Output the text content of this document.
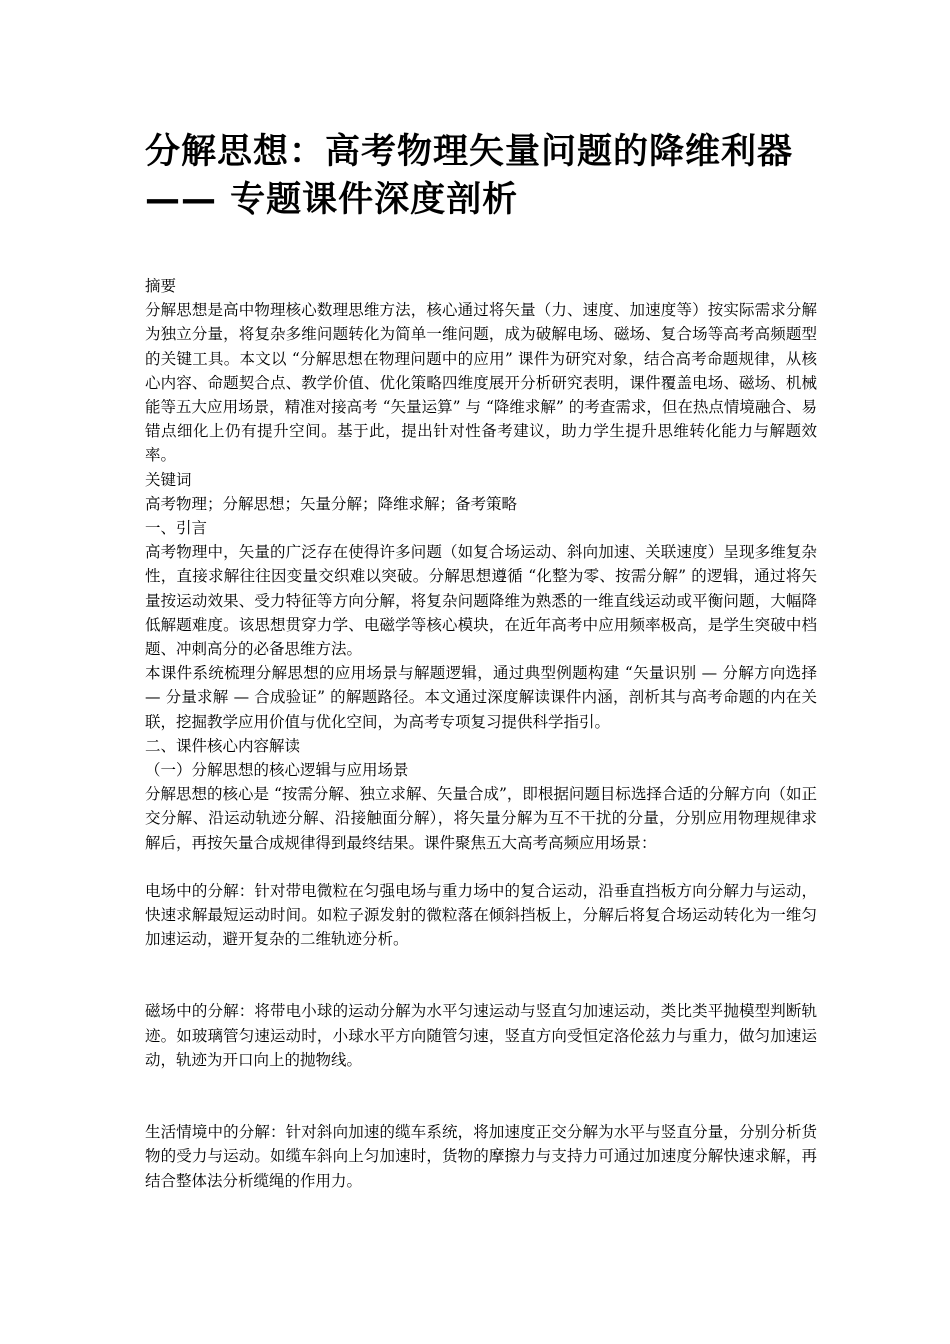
分解思想：高考物理矢量问题的降维利器 —— 专题课件深度剖析

摘要

分解思想是高中物理核心数理思维方法，核心通过将矢量（力、速度、加速度等）按实际需求分解为独立分量，将复杂多维问题转化为简单一维问题，成为破解电场、磁场、复合场等高考高频题型的关键工具。本文以 “分解思想在物理问题中的应用” 课件为研究对象，结合高考命题规律，从核心内容、命题契合点、教学价值、优化策略四维度展开分析研究表明，课件覆盖电场、磁场、机械能等五大应用场景，精准对接高考 “矢量运算” 与 “降维求解” 的考查需求，但在热点情境融合、易错点细化上仍有提升空间。基于此，提出针对性备考建议，助力学生提升思维转化能力与解题效率。

关键词

高考物理；分解思想；矢量分解；降维求解；备考策略

一、引言

高考物理中，矢量的广泛存在使得许多问题（如复合场运动、斜向加速、关联速度）呈现多维复杂性，直接求解往往因变量交织难以突破。分解思想遵循 “化整为零、按需分解” 的逻辑，通过将矢量按运动效果、受力特征等方向分解，将复杂问题降维为熟悉的一维直线运动或平衡问题，大幅降低解题难度。该思想贯穿力学、电磁学等核心模块，在近年高考中应用频率极高，是学生突破中档题、冲刺高分的必备思维方法。

本课件系统梳理分解思想的应用场景与解题逻辑，通过典型例题构建 “矢量识别 — 分解方向选择 — 分量求解 — 合成验证” 的解题路径。本文通过深度解读课件内涵，剖析其与高考命题的内在关联，挖掘教学应用价值与优化空间，为高考专项复习提供科学指引。

二、课件核心内容解读

（一）分解思想的核心逻辑与应用场景

分解思想的核心是 “按需分解、独立求解、矢量合成”，即根据问题目标选择合适的分解方向（如正交分解、沿运动轨迹分解、沿接触面分解），将矢量分解为互不干扰的分量，分别应用物理规律求解后，再按矢量合成规律得到最终结果。课件聚焦五大高考高频应用场景：

电场中的分解：针对带电微粒在匀强电场与重力场中的复合运动，沿垂直挡板方向分解力与运动，快速求解最短运动时间。如粒子源发射的微粒落在倾斜挡板上，分解后将复合场运动转化为一维匀加速运动，避开复杂的二维轨迹分析。

磁场中的分解：将带电小球的运动分解为水平匀速运动与竖直匀加速运动，类比类平抛模型判断轨迹。如玻璃管匀速运动时，小球水平方向随管匀速，竖直方向受恒定洛伦兹力与重力，做匀加速运动，轨迹为开口向上的抛物线。

生活情境中的分解：针对斜向加速的缆车系统，将加速度正交分解为水平与竖直分量，分别分析货物的受力与运动。如缆车斜向上匀加速时，货物的摩擦力与支持力可通过加速度分解快速求解，再结合整体法分析缆绳的作用力。
